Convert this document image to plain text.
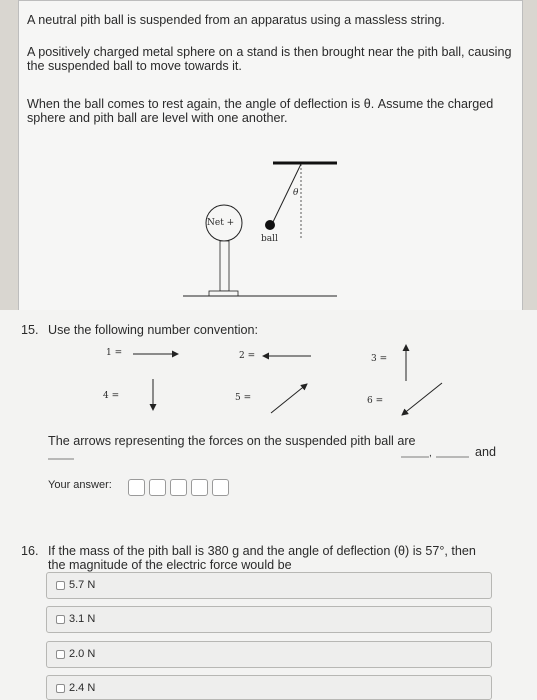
A neutral pith ball is suspended from an apparatus using a massless string.

A positively charged metal sphere on a stand is then brought near the pith ball, causing the suspended ball to move towards it.

When the ball comes to rest again, the angle of deflection is θ. Assume the charged sphere and pith ball are level with one another.

Net +
ball
θ
15. Use the following number convention:
1 =	2 =	3 =
4 =	5 =	6 =
The arrows representing the forces on the suspended pith ball are
,	and
Your answer:
16. If the mass of the pith ball is 380 g and the angle of deflection (θ) is 57°, then the magnitude of the electric force would be
5.7 N
3.1 N
2.0 N
2.4 N
